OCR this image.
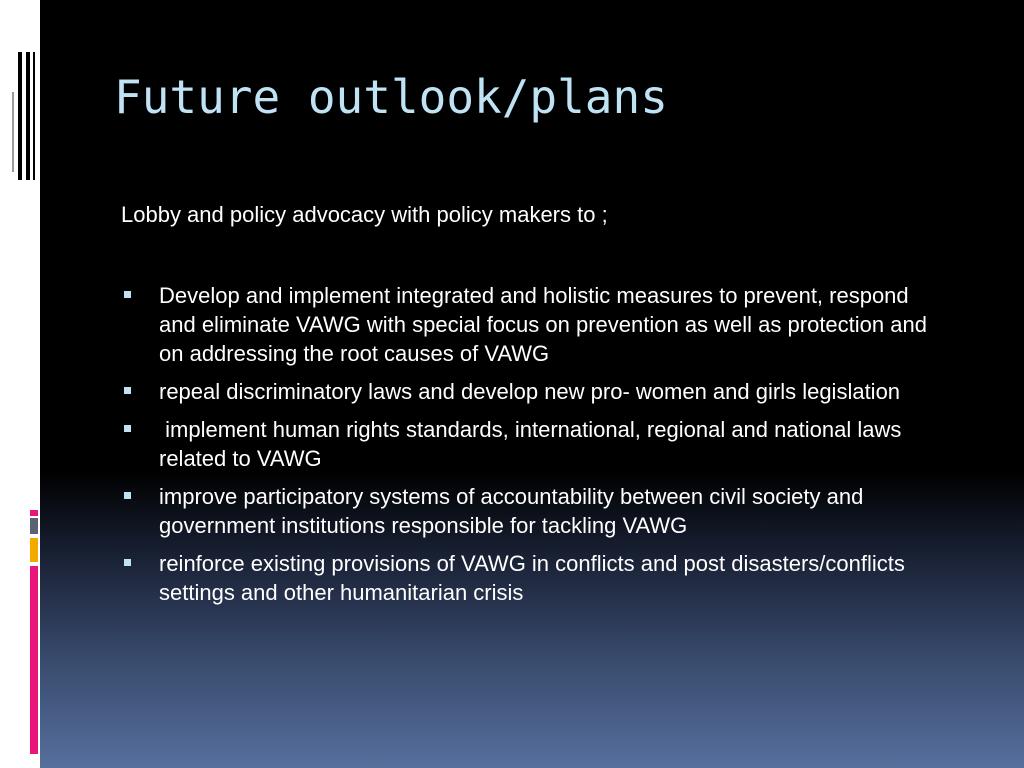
Future outlook/plans
Lobby and policy advocacy with policy makers to ;
Develop and implement integrated and holistic measures to prevent, respond and eliminate VAWG with special focus on prevention as well as protection and on addressing the root causes of VAWG
repeal discriminatory laws and develop new pro- women and girls legislation
implement human rights standards, international, regional and national laws related to VAWG
improve participatory systems of accountability between civil society and government institutions responsible for tackling VAWG
reinforce existing provisions of VAWG in conflicts and post disasters/conflicts settings and other humanitarian crisis
